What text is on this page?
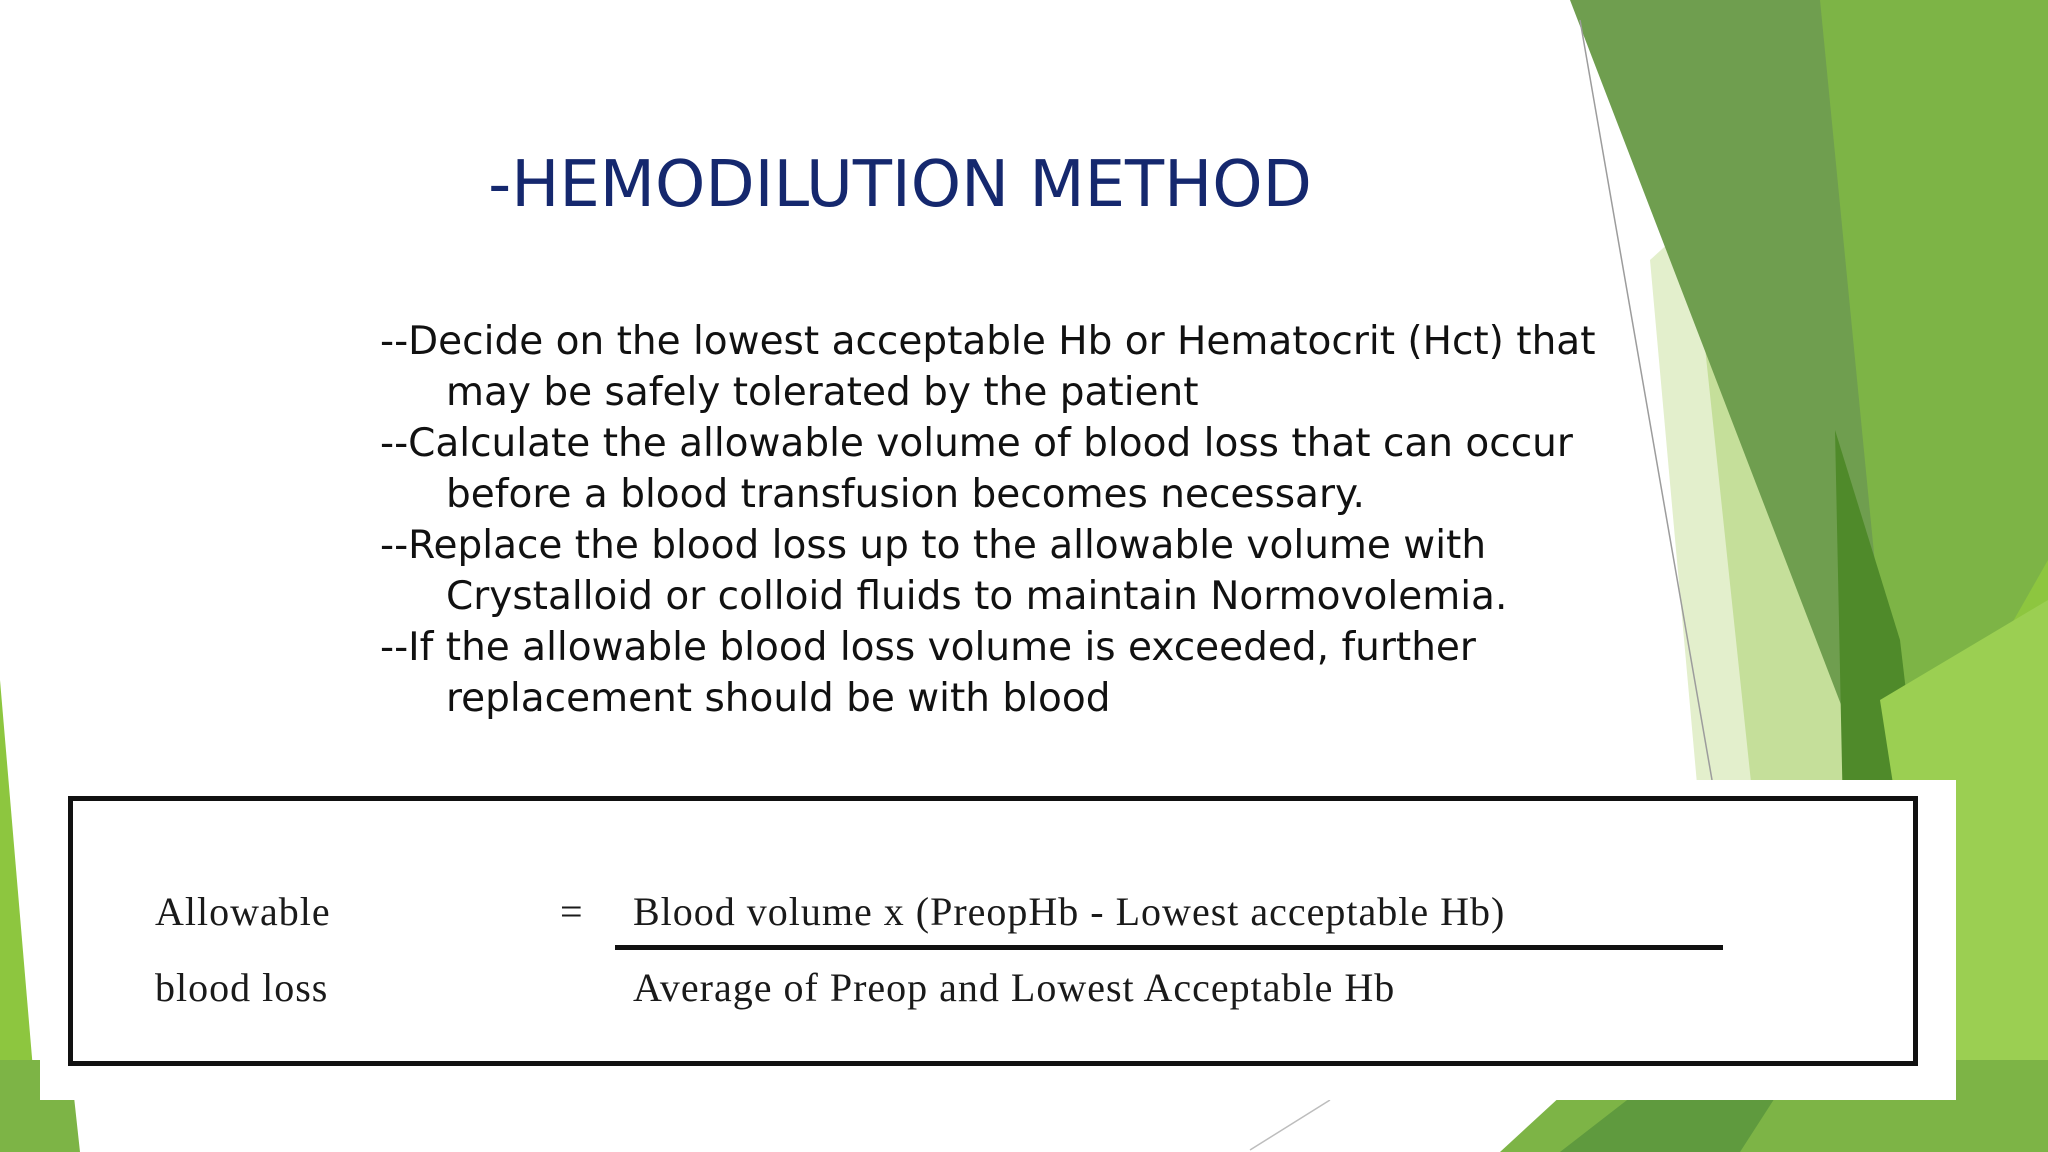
-HEMODILUTION METHOD
--Decide on the lowest acceptable Hb or Hematocrit (Hct) that may be safely tolerated by the patient
--Calculate the allowable volume of blood loss that can occur before a blood transfusion becomes necessary.
--Replace the blood loss up to the allowable volume with Crystalloid or colloid fluids to maintain Normovolemia.
--If the allowable blood loss volume is exceeded, further replacement should be with blood
Allowable
blood loss
= Blood volume x (PreopHb - Lowest acceptable Hb)
Average of Preop and Lowest Acceptable Hb
